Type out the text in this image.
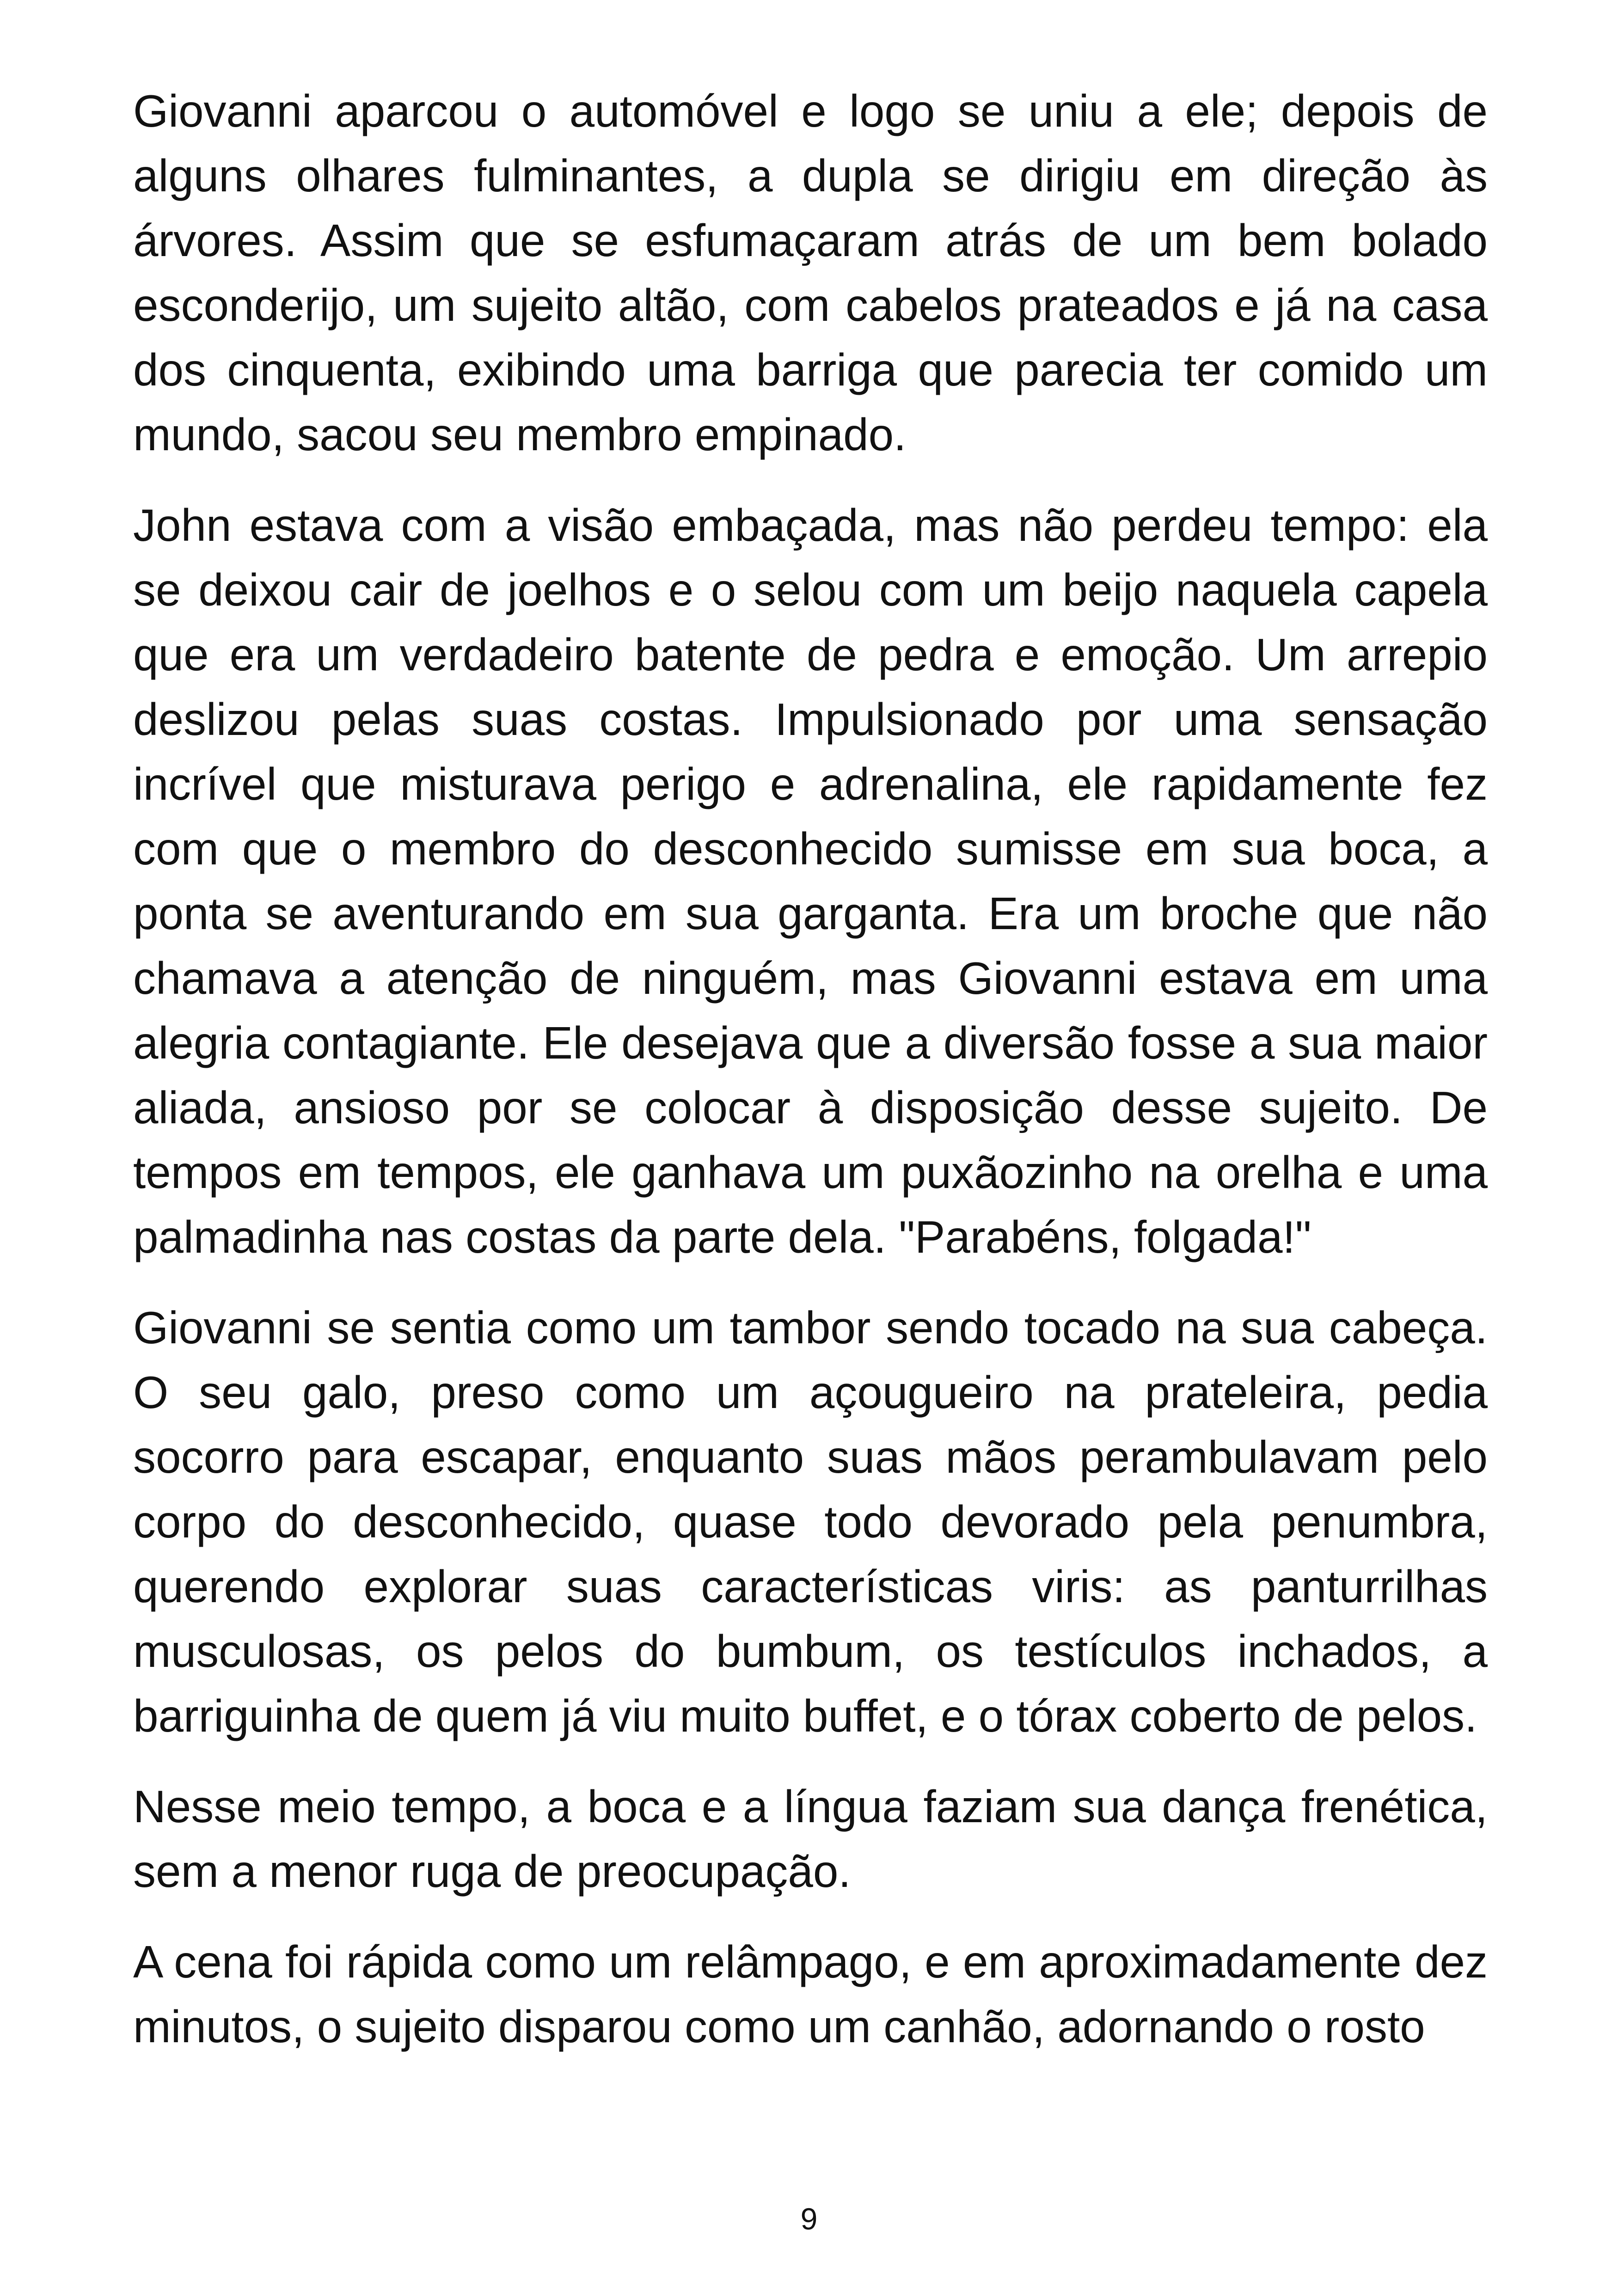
Giovanni aparcou o automóvel e logo se uniu a ele; depois de alguns olhares fulminantes, a dupla se dirigiu em direção às árvores. Assim que se esfumaçaram atrás de um bem bolado esconderijo, um sujeito altão, com cabelos prateados e já na casa dos cinquenta, exibindo uma barriga que parecia ter comido um mundo, sacou seu membro empinado.

John estava com a visão embaçada, mas não perdeu tempo: ela se deixou cair de joelhos e o selou com um beijo naquela capela que era um verdadeiro batente de pedra e emoção. Um arrepio deslizou pelas suas costas. Impulsionado por uma sensação incrível que misturava perigo e adrenalina, ele rapidamente fez com que o membro do desconhecido sumisse em sua boca, a ponta se aventurando em sua garganta. Era um broche que não chamava a atenção de ninguém, mas Giovanni estava em uma alegria contagiante. Ele desejava que a diversão fosse a sua maior aliada, ansioso por se colocar à disposição desse sujeito. De tempos em tempos, ele ganhava um puxãozinho na orelha e uma palmadinha nas costas da parte dela. "Parabéns, folgada!"

Giovanni se sentia como um tambor sendo tocado na sua cabeça. O seu galo, preso como um açougueiro na prateleira, pedia socorro para escapar, enquanto suas mãos perambulavam pelo corpo do desconhecido, quase todo devorado pela penumbra, querendo explorar suas características viris: as panturrilhas musculosas, os pelos do bumbum, os testículos inchados, a barriguinha de quem já viu muito buffet, e o tórax coberto de pelos.

Nesse meio tempo, a boca e a língua faziam sua dança frenética, sem a menor ruga de preocupação.

A cena foi rápida como um relâmpago, e em aproximadamente dez minutos, o sujeito disparou como um canhão, adornando o rosto

9
